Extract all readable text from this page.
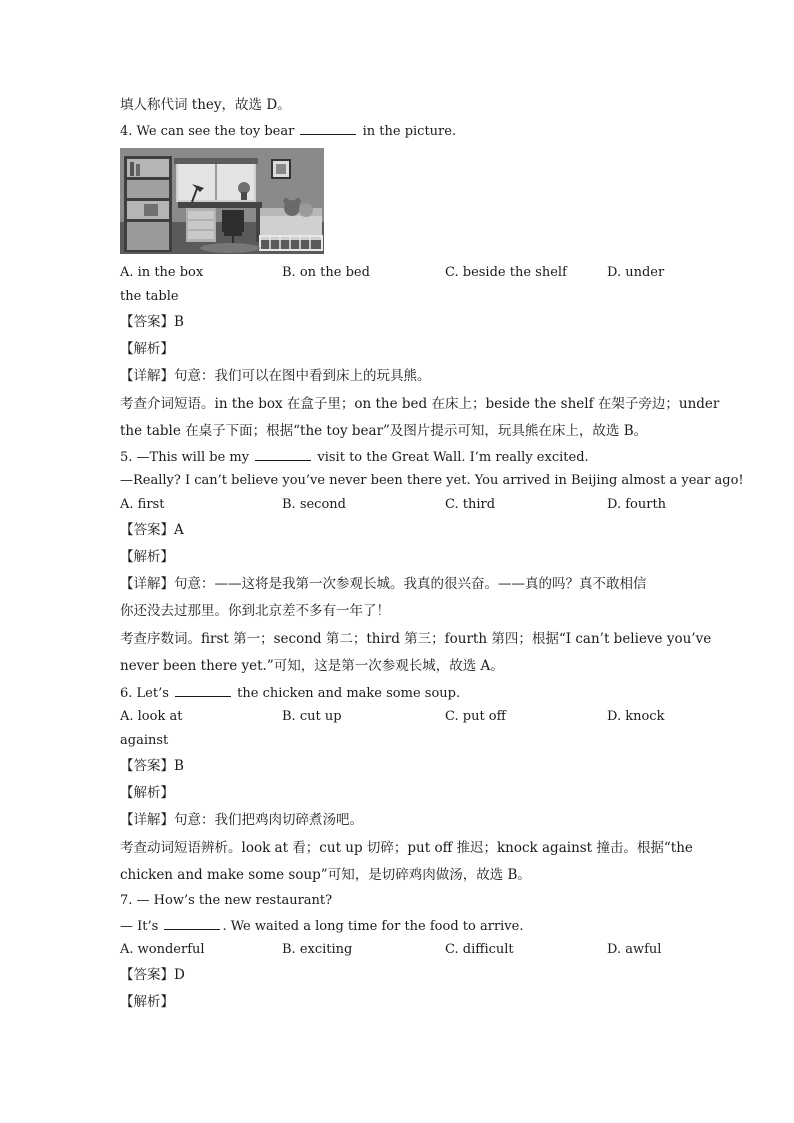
填人称代词 they，故选 D。
4. We can see the toy bear	in the picture.
A. in the box	B. on the bed	C. beside the shelf	D. under
the table
【答案】B
【解析】
【详解】句意：我们可以在图中看到床上的玩具熊。
考查介词短语。in the box 在盒子里；on the bed 在床上；beside the shelf 在架子旁边；under
the table 在桌子下面；根据“the toy bear”及图片提示可知，玩具熊在床上，故选 B。
5. —This will be my	visit to the Great Wall. I’m really excited.
—Really? I can’t believe you’ve never been there yet. You arrived in Beijing almost a year ago!
A. first	B. second	C. third	D. fourth
【答案】A
【解析】
【详解】句意：——这将是我第一次参观长城。我真的很兴奋。——真的吗？真不敢相信
你还没去过那里。你到北京差不多有一年了！
考查序数词。first 第一；second 第二；third 第三；fourth 第四；根据“I can’t believe you’ve
never been there yet.”可知，这是第一次参观长城，故选 A。
6. Let’s	the chicken and make some soup.
A. look at	B. cut up	C. put off	D. knock
against
【答案】B
【解析】
【详解】句意：我们把鸡肉切碎煮汤吧。
考查动词短语辨析。look at 看；cut up 切碎；put off 推迟；knock against 撞击。根据“the
chicken and make some soup”可知，是切碎鸡肉做汤，故选 B。
7. — How’s the new restaurant?
— It’s	. We waited a long time for the food to arrive.
A. wonderful	B. exciting	C. difficult	D. awful
【答案】D
【解析】
